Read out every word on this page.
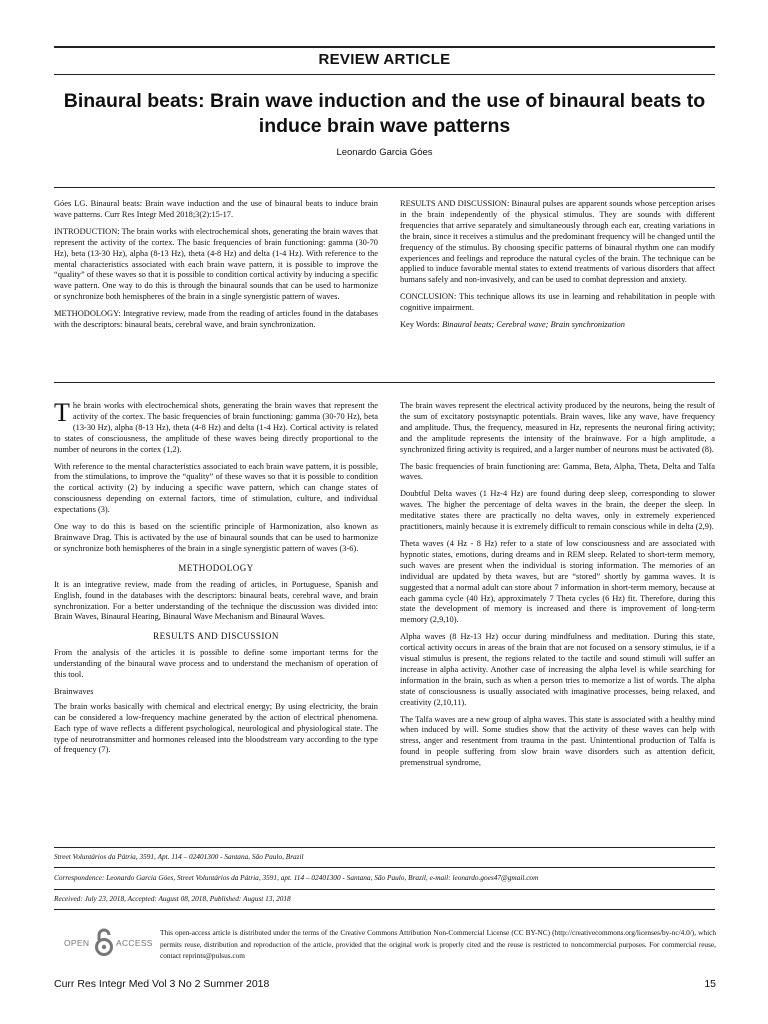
REVIEW ARTICLE
Binaural beats: Brain wave induction and the use of binaural beats to induce brain wave patterns
Leonardo Garcia Góes

Góes LG. Binaural beats: Brain wave induction and the use of binaural beats to induce brain wave patterns. Curr Res Integr Med 2018;3(2):15-17.

INTRODUCTION: The brain works with electrochemical shots, generating the brain waves that represent the activity of the cortex. The basic frequencies of brain functioning: gamma (30-70 Hz), beta (13-30 Hz), alpha (8-13 Hz), theta (4-8 Hz) and delta (1-4 Hz). With reference to the mental characteristics associated with each brain wave pattern, it is possible to improve the “quality” of these waves so that it is possible to condition cortical activity by inducing a specific wave pattern. One way to do this is through the binaural sounds that can be used to harmonize or synchronize both hemispheres of the brain in a single synergistic pattern of waves.

METHODOLOGY: Integrative review, made from the reading of articles found in the databases with the descriptors: binaural beats, cerebral wave, and brain synchronization.

RESULTS AND DISCUSSION: Binaural pulses are apparent sounds whose perception arises in the brain independently of the physical stimulus. They are sounds with different frequencies that arrive separately and simultaneously through each ear, creating variations in the brain, since it receives a stimulus and the predominant frequency will be changed until the frequency of the stimulus. By choosing specific patterns of binaural rhythm one can modify experiences and feelings and reproduce the natural cycles of the brain. The technique can be applied to induce favorable mental states to extend treatments of various disorders that affect humans safely and non-invasively, and can be used to combat depression and anxiety.

CONCLUSION: This technique allows its use in learning and rehabilitation in people with cognitive impairment.

Key Words: Binaural beats; Cerebral wave; Brain synchronization

The brain works with electrochemical shots, generating the brain waves that represent the activity of the cortex. The basic frequencies of brain functioning: gamma (30-70 Hz), beta (13-30 Hz), alpha (8-13 Hz), theta (4-8 Hz) and delta (1-4 Hz). Cortical activity is related to states of consciousness, the amplitude of these waves being directly proportional to the number of neurons in the cortex (1,2).

With reference to the mental characteristics associated to each brain wave pattern, it is possible, from the stimulations, to improve the “quality” of these waves so that it is possible to condition the cortical activity (2) by inducing a specific wave pattern, which can change states of consciousness depending on external factors, time of stimulation, culture, and individual expectations (3).

One way to do this is based on the scientific principle of Harmonization, also known as Brainwave Drag. This is activated by the use of binaural sounds that can be used to harmonize or synchronize both hemispheres of the brain in a single synergistic pattern of waves (3-6).

METHODOLOGY

It is an integrative review, made from the reading of articles, in Portuguese, Spanish and English, found in the databases with the descriptors: binaural beats, cerebral wave, and brain synchronization. For a better understanding of the technique the discussion was divided into: Brain Waves, Binaural Hearing, Binaural Wave Mechanism and Binaural Waves.

RESULTS AND DISCUSSION

From the analysis of the articles it is possible to define some important terms for the understanding of the binaural wave process and to understand the mechanism of operation of this tool.

Brainwaves

The brain works basically with chemical and electrical energy; By using electricity, the brain can be considered a low-frequency machine generated by the action of electrical phenomena. Each type of wave reflects a different psychological, neurological and physiological state. The type of neurotransmitter and hormones released into the bloodstream vary according to the type of frequency (7).

The brain waves represent the electrical activity produced by the neurons, being the result of the sum of excitatory postsynaptic potentials. Brain waves, like any wave, have frequency and amplitude. Thus, the frequency, measured in Hz, represents the neuronal firing activity; and the amplitude represents the intensity of the brainwave. For a high amplitude, a synchronized firing activity is required, and a larger number of neurons must be activated (8).

The basic frequencies of brain functioning are: Gamma, Beta, Alpha, Theta, Delta and Talfa waves.

Doubtful Delta waves (1 Hz-4 Hz) are found during deep sleep, corresponding to slower waves. The higher the percentage of delta waves in the brain, the deeper the sleep. In meditative states there are practically no delta waves, only in extremely experienced practitioners, mainly because it is extremely difficult to remain conscious while in delta (2,9).

Theta waves (4 Hz - 8 Hz) refer to a state of low consciousness and are associated with hypnotic states, emotions, during dreams and in REM sleep. Related to short-term memory, such waves are present when the individual is storing information. The memories of an individual are updated by theta waves, but are “stored” shortly by gamma waves. It is suggested that a normal adult can store about 7 information in short-term memory, because at each gamma cycle (40 Hz), approximately 7 Theta cycles (6 Hz) fit. Therefore, during this state the development of memory is increased and there is improvement of long-term memory (2,9,10).

Alpha waves (8 Hz-13 Hz) occur during mindfulness and meditation. During this state, cortical activity occurs in areas of the brain that are not focused on a sensory stimulus, ie if a visual stimulus is present, the regions related to the tactile and sound stimuli will suffer an increase in alpha activity. Another case of increasing the alpha level is while searching for information in the brain, such as when a person tries to memorize a list of words. The alpha state of consciousness is usually associated with imaginative processes, being relaxed, and creativity (2,10,11).

The Talfa waves are a new group of alpha waves. This state is associated with a healthy mind when induced by will. Some studies show that the activity of these waves can help with stress, anger and resentment from trauma in the past. Unintentional production of Talfa is found in people suffering from slow brain wave disorders such as attention deficit, premenstrual syndrome,

Street Voluntários da Pátria, 3591, Apt. 114 – 02401300 - Santana, São Paulo, Brazil
Correspondence: Leonardo Garcia Góes, Street Voluntários da Pátria, 3591, apt. 114 – 02401300 - Santana, São Paulo, Brazil, e-mail: leonardo.goes47@gmail.com
Received: July 23, 2018, Accepted: August 08, 2018, Published: August 13, 2018
OPEN	ACCESS
This open-access article is distributed under the terms of the Creative Commons Attribution Non-Commercial License (CC BY-NC) (http://creativecommons.org/licenses/by-nc/4.0/), which permits reuse, distribution and reproduction of the article, provided that the original work is properly cited and the reuse is restricted to noncommercial purposes. For commercial reuse, contact reprints@pulsus.com
Curr Res Integr Med Vol 3 No 2 Summer 2018	15
